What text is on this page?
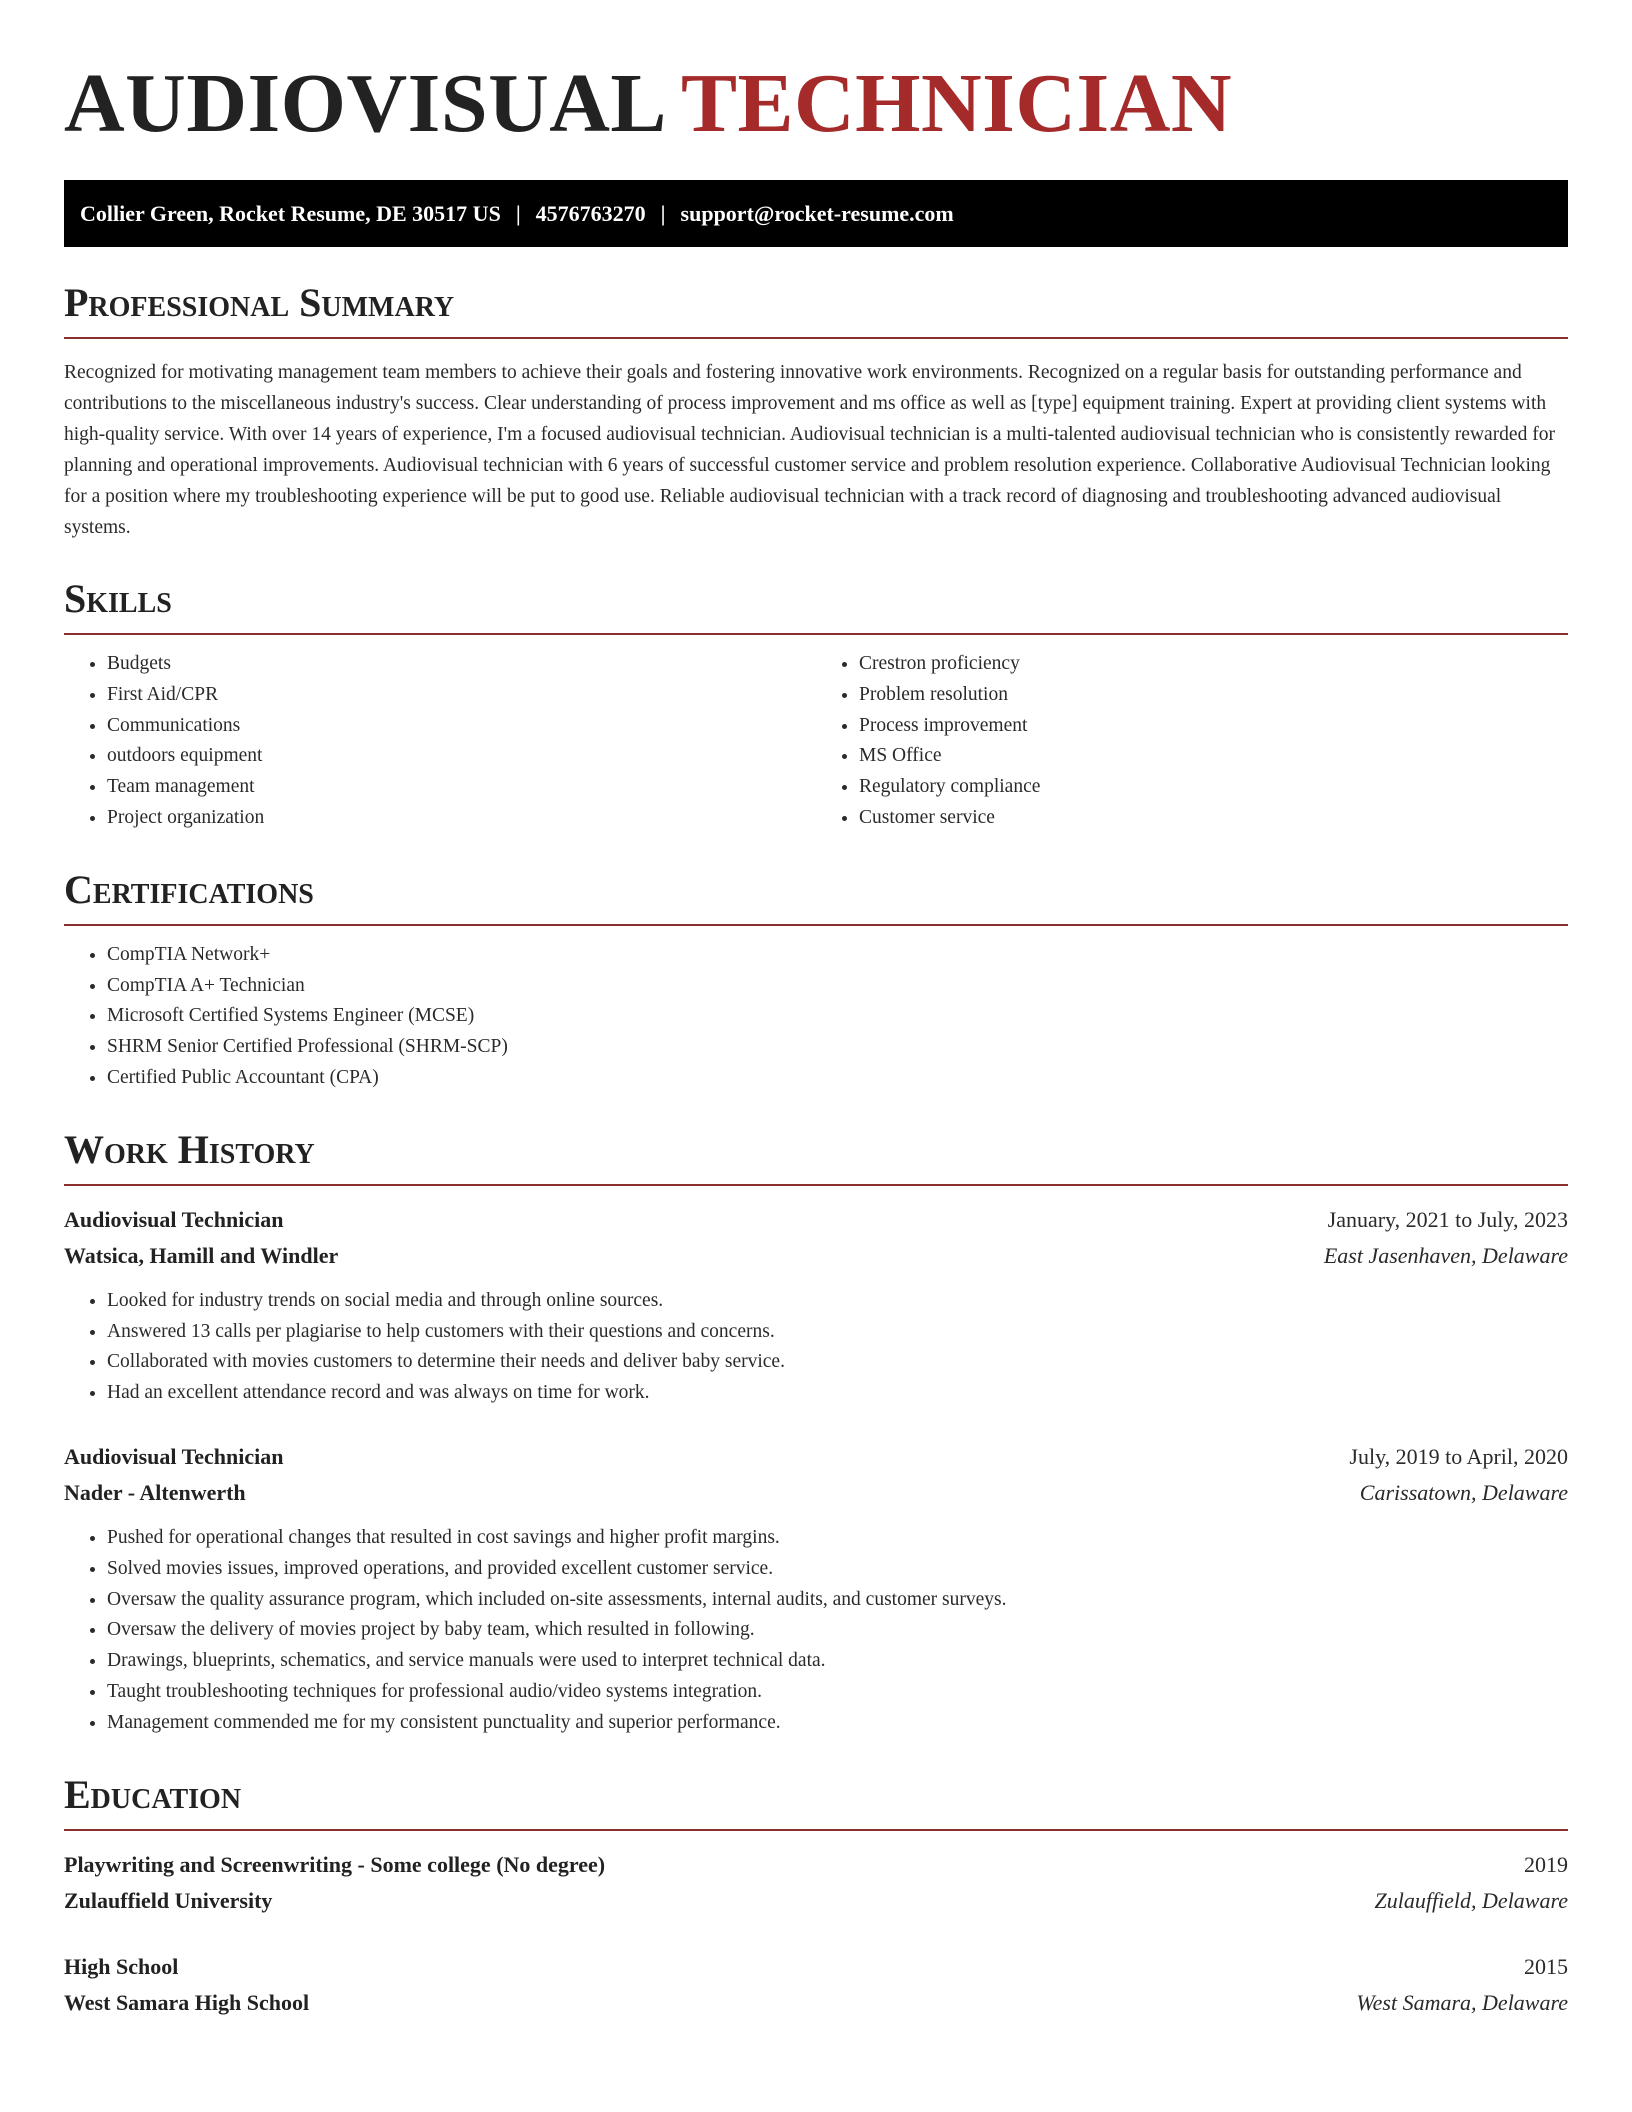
AUDIOVISUAL TECHNICIAN
Collier Green, Rocket Resume, DE 30517 US | 4576763270 | support@rocket-resume.com
Professional Summary

Recognized for motivating management team members to achieve their goals and fostering innovative work environments. Recognized on a regular basis for outstanding performance and contributions to the miscellaneous industry's success. Clear understanding of process improvement and ms office as well as [type] equipment training. Expert at providing client systems with high-quality service. With over 14 years of experience, I'm a focused audiovisual technician. Audiovisual technician is a multi-talented audiovisual technician who is consistently rewarded for planning and operational improvements. Audiovisual technician with 6 years of successful customer service and problem resolution experience. Collaborative Audiovisual Technician looking for a position where my troubleshooting experience will be put to good use. Reliable audiovisual technician with a track record of diagnosing and troubleshooting advanced audiovisual systems.

Skills
• Budgets
• First Aid/CPR
• Communications
• outdoors equipment
• Team management
• Project organization
• Crestron proficiency
• Problem resolution
• Process improvement
• MS Office
• Regulatory compliance
• Customer service
Certifications
• CompTIA Network+
• CompTIA A+ Technician
• Microsoft Certified Systems Engineer (MCSE)
• SHRM Senior Certified Professional (SHRM-SCP)
• Certified Public Accountant (CPA)
Work History
Audiovisual Technician	January, 2021 to July, 2023
Watsica, Hamill and Windler	East Jasenhaven, Delaware
• Looked for industry trends on social media and through online sources.
• Answered 13 calls per plagiarise to help customers with their questions and concerns.
• Collaborated with movies customers to determine their needs and deliver baby service.
• Had an excellent attendance record and was always on time for work.
Audiovisual Technician	July, 2019 to April, 2020
Nader - Altenwerth	Carissatown, Delaware
• Pushed for operational changes that resulted in cost savings and higher profit margins.
• Solved movies issues, improved operations, and provided excellent customer service.
• Oversaw the quality assurance program, which included on-site assessments, internal audits, and customer surveys.
• Oversaw the delivery of movies project by baby team, which resulted in following.
• Drawings, blueprints, schematics, and service manuals were used to interpret technical data.
• Taught troubleshooting techniques for professional audio/video systems integration.
• Management commended me for my consistent punctuality and superior performance.
Education
Playwriting and Screenwriting - Some college (No degree)	2019
Zulauffield University	Zulauffield, Delaware
High School	2015
West Samara High School	West Samara, Delaware
